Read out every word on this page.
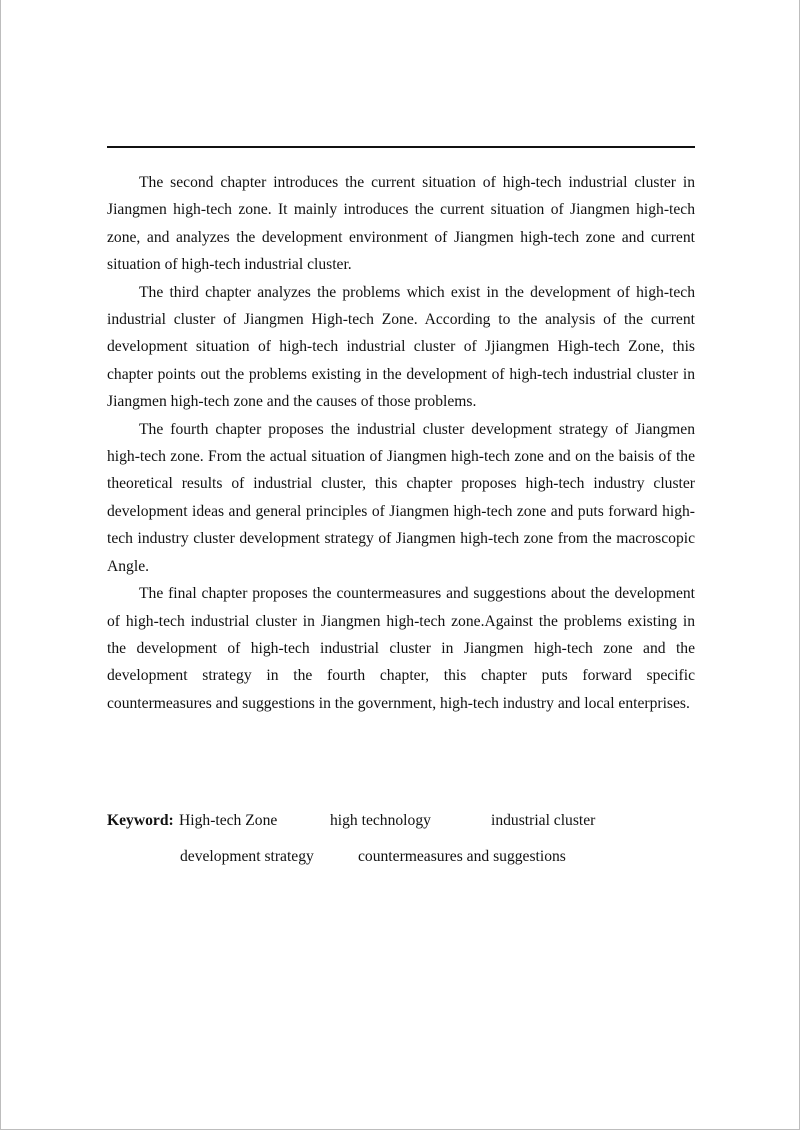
The second chapter introduces the current situation of high-tech industrial cluster in Jiangmen high-tech zone. It mainly introduces the current situation of Jiangmen high-tech zone, and analyzes the development environment of Jiangmen high-tech zone and current situation of high-tech industrial cluster.

The third chapter analyzes the problems which exist in the development of high-tech industrial cluster of Jiangmen High-tech Zone. According to the analysis of the current development situation of high-tech industrial cluster of Jjiangmen High-tech Zone, this chapter points out the problems existing in the development of high-tech industrial cluster in Jiangmen high-tech zone and the causes of those problems.

The fourth chapter proposes the industrial cluster development strategy of Jiangmen high-tech zone. From the actual situation of Jiangmen high-tech zone and on the baisis of the theoretical results of industrial cluster, this chapter proposes high-tech industry cluster development ideas and general principles of Jiangmen high-tech zone and puts forward high-tech industry cluster development strategy of Jiangmen high-tech zone from the macroscopic Angle.

The final chapter proposes the countermeasures and suggestions about the development of high-tech industrial cluster in Jiangmen high-tech zone.Against the problems existing in the development of high-tech industrial cluster in Jiangmen high-tech zone and the development strategy in the fourth chapter, this chapter puts forward specific countermeasures and suggestions in the government, high-tech industry and local enterprises.

Keyword: High-tech Zone	high technology	industrial cluster
development strategy	countermeasures and suggestions
